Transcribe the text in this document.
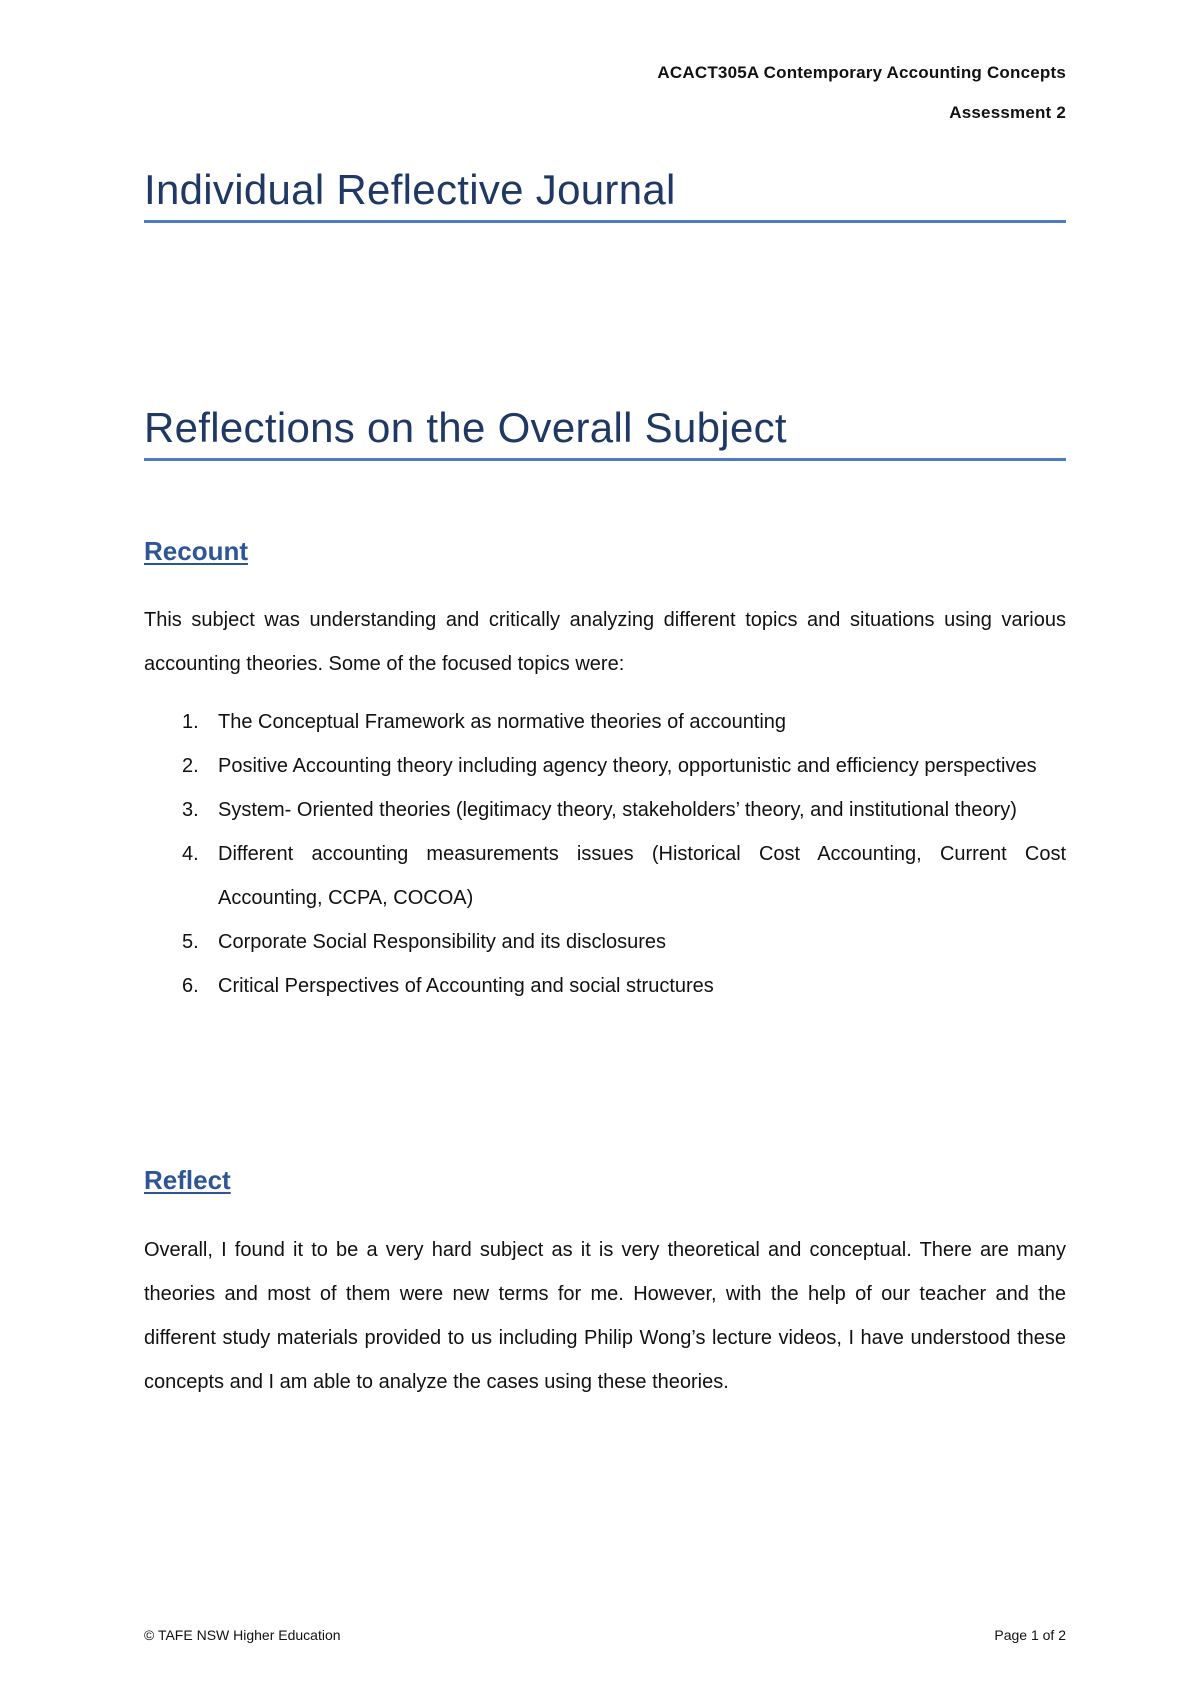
ACACT305A Contemporary Accounting Concepts
Assessment 2
Individual Reflective Journal
Reflections on the Overall Subject
Recount
This subject was understanding and critically analyzing different topics and situations using various accounting theories. Some of the focused topics were:
1. The Conceptual Framework as normative theories of accounting
2. Positive Accounting theory including agency theory, opportunistic and efficiency perspectives
3. System- Oriented theories (legitimacy theory, stakeholders’ theory, and institutional theory)
4. Different accounting measurements issues (Historical Cost Accounting, Current Cost Accounting, CCPA, COCOA)
5. Corporate Social Responsibility and its disclosures
6. Critical Perspectives of Accounting and social structures
Reflect
Overall, I found it to be a very hard subject as it is very theoretical and conceptual. There are many theories and most of them were new terms for me. However, with the help of our teacher and the different study materials provided to us including Philip Wong’s lecture videos, I have understood these concepts and I am able to analyze the cases using these theories.
© TAFE NSW Higher Education	Page 1 of 2
